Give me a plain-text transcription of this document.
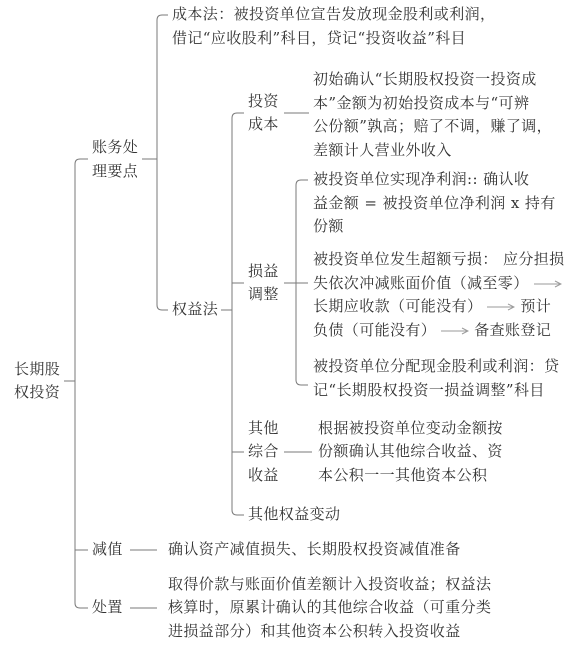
长期股权投资
账务处理要点
成本法：被投资单位宣告发放现金股利或利润，
借记“应收股利”科目，贷记“投资收益”科目
权益法
投资成本
初始确认“长期股权投资一投资成
本”金额为初始投资成本与“可辨
公份额”孰高；赔了不调，赚了调，
差额计人营业外收入
损益调整
被投资单位实现净利润:: 确认收
益金额 = 被投资单位净利润 x 持有
份额
被投资单位发生超额亏损： 应分担损
失依次冲减账面价值（减至零）
长期应收款（可能没有）	预计
负债（可能没有）	备查账登记
被投资单位分配现金股利或利润：贷
记“长期股权投资一损益调整”科目
其他综合收益
根据被投资单位变动金额按
份额确认其他综合收益、资
本公积一一其他资本公积
其他权益变动
减值	确认资产减值损失、长期股权投资减值准备
处置
取得价款与账面价值差额计入投资收益；权益法
核算时，原累计确认的其他综合收益（可重分类
进损益部分）和其他资本公积转入投资收益
